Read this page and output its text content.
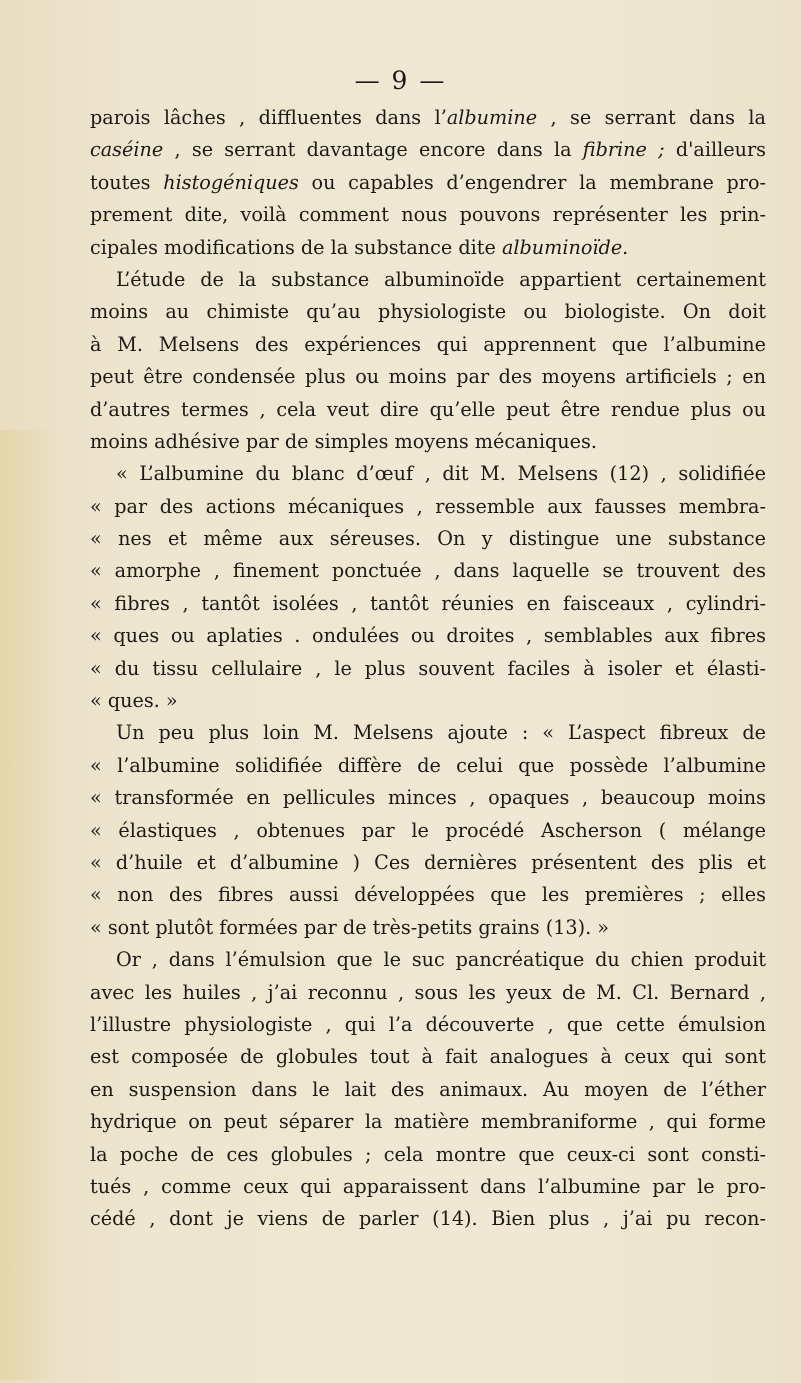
— 9 —
parois lâches , diffluentes dans l’albumine , se serrant dans la
caséine , se serrant davantage encore dans la fibrine ; d'ailleurs
toutes histogéniques ou capables d’engendrer la membrane pro-
prement dite, voilà comment nous pouvons représenter les prin-
cipales modifications de la substance dite albuminoïde.
L’étude de la substance albuminoïde appartient certainement
moins au chimiste qu’au physiologiste ou biologiste. On doit
à M. Melsens des expériences qui apprennent que l’albumine
peut être condensée plus ou moins par des moyens artificiels ; en
d’autres termes , cela veut dire qu’elle peut être rendue plus ou
moins adhésive par de simples moyens mécaniques.
« L’albumine du blanc d’œuf , dit M. Melsens (12) , solidifiée
« par des actions mécaniques , ressemble aux fausses membra-
« nes et même aux séreuses. On y distingue une substance
« amorphe , finement ponctuée , dans laquelle se trouvent des
« fibres , tantôt isolées , tantôt réunies en faisceaux , cylindri-
« ques ou aplaties . ondulées ou droites , semblables aux fibres
« du tissu cellulaire , le plus souvent faciles à isoler et élasti-
« ques. »
Un peu plus loin M. Melsens ajoute : « L’aspect fibreux de
« l’albumine solidifiée diffère de celui que possède l’albumine
« transformée en pellicules minces , opaques , beaucoup moins
« élastiques , obtenues par le procédé Ascherson ( mélange
« d’huile et d’albumine ) Ces dernières présentent des plis et
« non des fibres aussi développées que les premières ; elles
« sont plutôt formées par de très-petits grains (13). »
Or , dans l’émulsion que le suc pancréatique du chien produit
avec les huiles , j’ai reconnu , sous les yeux de M. Cl. Bernard ,
l’illustre physiologiste , qui l’a découverte , que cette émulsion
est composée de globules tout à fait analogues à ceux qui sont
en suspension dans le lait des animaux. Au moyen de l’éther
hydrique on peut séparer la matière membraniforme , qui forme
la poche de ces globules ; cela montre que ceux-ci sont consti-
tués , comme ceux qui apparaissent dans l’albumine par le pro-
cédé , dont je viens de parler (14). Bien plus , j’ai pu recon-
